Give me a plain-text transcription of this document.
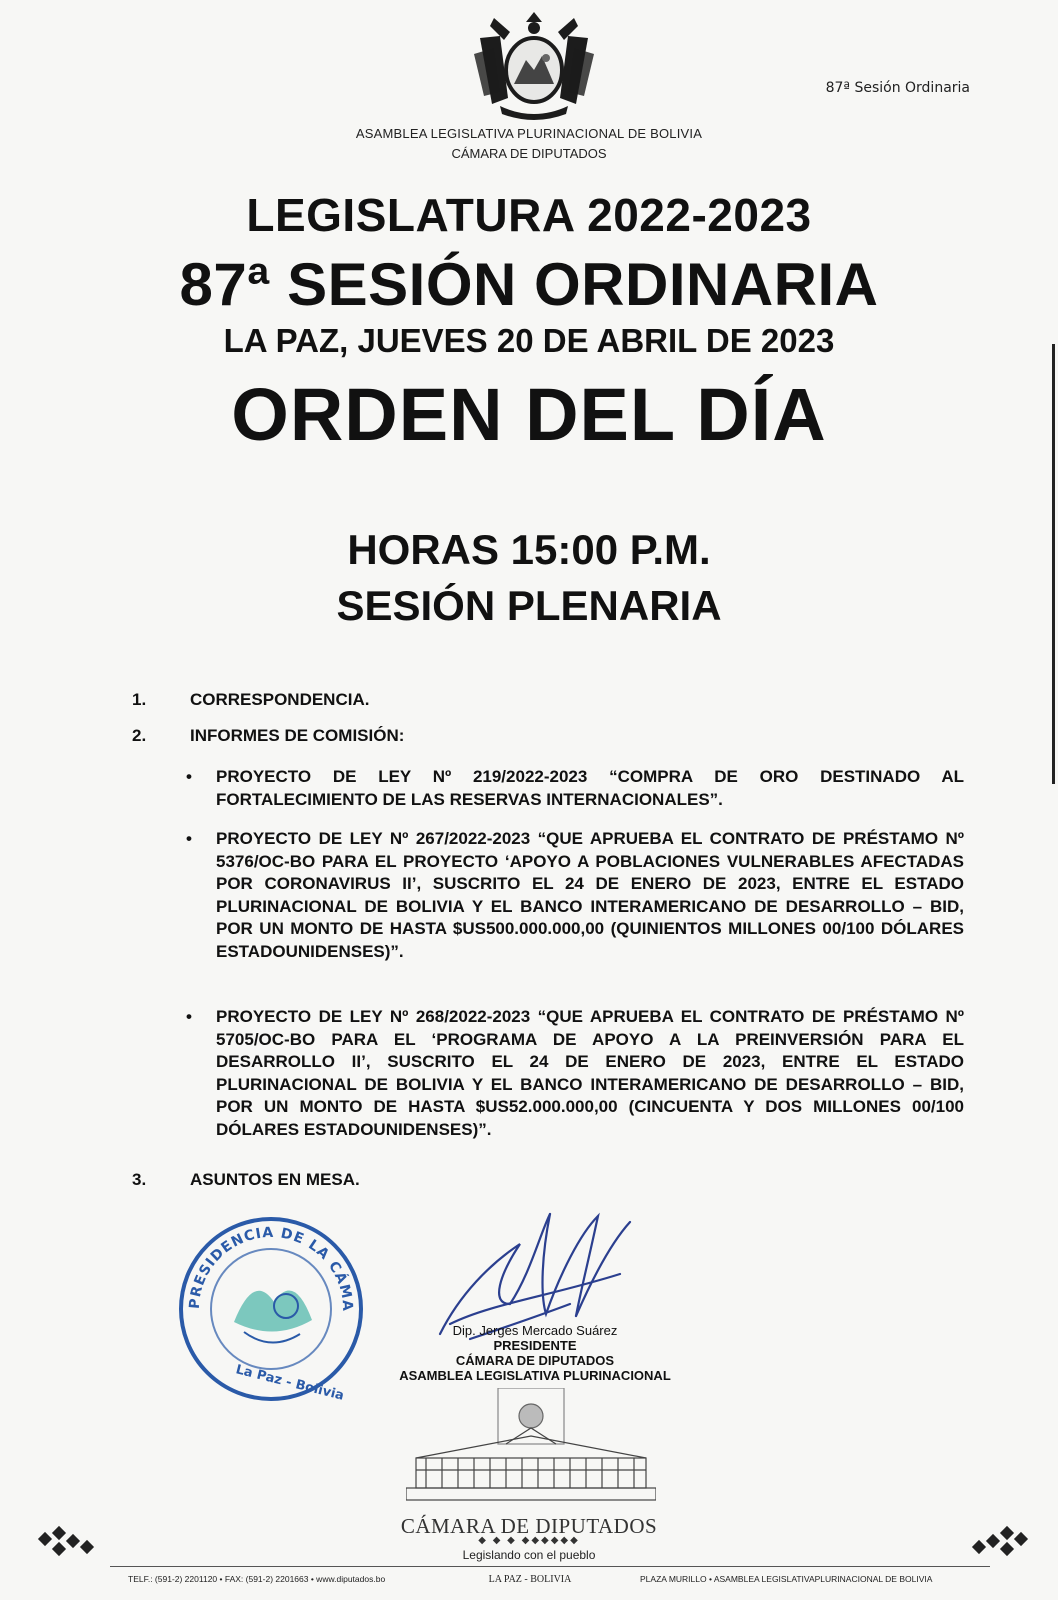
87ª Sesión Ordinaria
ASAMBLEA LEGISLATIVA PLURINACIONAL DE BOLIVIA
CÁMARA DE DIPUTADOS
LEGISLATURA 2022-2023
87ª SESIÓN ORDINARIA
LA PAZ, JUEVES 20 DE ABRIL DE 2023
ORDEN DEL DÍA
HORAS 15:00 P.M.
SESIÓN PLENARIA
1.	CORRESPONDENCIA.
2.	INFORMES DE COMISIÓN:
• PROYECTO DE LEY Nº 219/2022-2023 “COMPRA DE ORO DESTINADO AL FORTALECIMIENTO DE LAS RESERVAS INTERNACIONALES”.
• PROYECTO DE LEY Nº 267/2022-2023 “QUE APRUEBA EL CONTRATO DE PRÉSTAMO Nº 5376/OC-BO PARA EL PROYECTO ‘APOYO A POBLACIONES VULNERABLES AFECTADAS POR CORONAVIRUS II’, SUSCRITO EL 24 DE ENERO DE 2023, ENTRE EL ESTADO PLURINACIONAL DE BOLIVIA Y EL BANCO INTERAMERICANO DE DESARROLLO – BID, POR UN MONTO DE HASTA $US500.000.000,00 (QUINIENTOS MILLONES 00/100 DÓLARES ESTADOUNIDENSES)”.
• PROYECTO DE LEY Nº 268/2022-2023 “QUE APRUEBA EL CONTRATO DE PRÉSTAMO Nº 5705/OC-BO PARA EL ‘PROGRAMA DE APOYO A LA PREINVERSIÓN PARA EL DESARROLLO II’, SUSCRITO EL 24 DE ENERO DE 2023, ENTRE EL ESTADO PLURINACIONAL DE BOLIVIA Y EL BANCO INTERAMERICANO DE DESARROLLO – BID, POR UN MONTO DE HASTA $US52.000.000,00 (CINCUENTA Y DOS MILLONES 00/100 DÓLARES ESTADOUNIDENSES)”.
3.	ASUNTOS EN MESA.
PRESIDENCIA DE LA CÁMA
La Paz - Bolivia
Dip. Jerges Mercado Suárez
PRESIDENTE
CÁMARA DE DIPUTADOS
ASAMBLEA LEGISLATIVA PLURINACIONAL
CÁMARA DE DIPUTADOS
◆ ◆ ◆ ◆◆◆◆◆◆
Legislando con el pueblo
TELF.: (591-2) 2201120 • FAX: (591-2) 2201663 • www.diputados.bo	LA PAZ - BOLIVIA	PLAZA MURILLO • ASAMBLEA LEGISLATIVAPLURINACIONAL DE BOLIVIA
